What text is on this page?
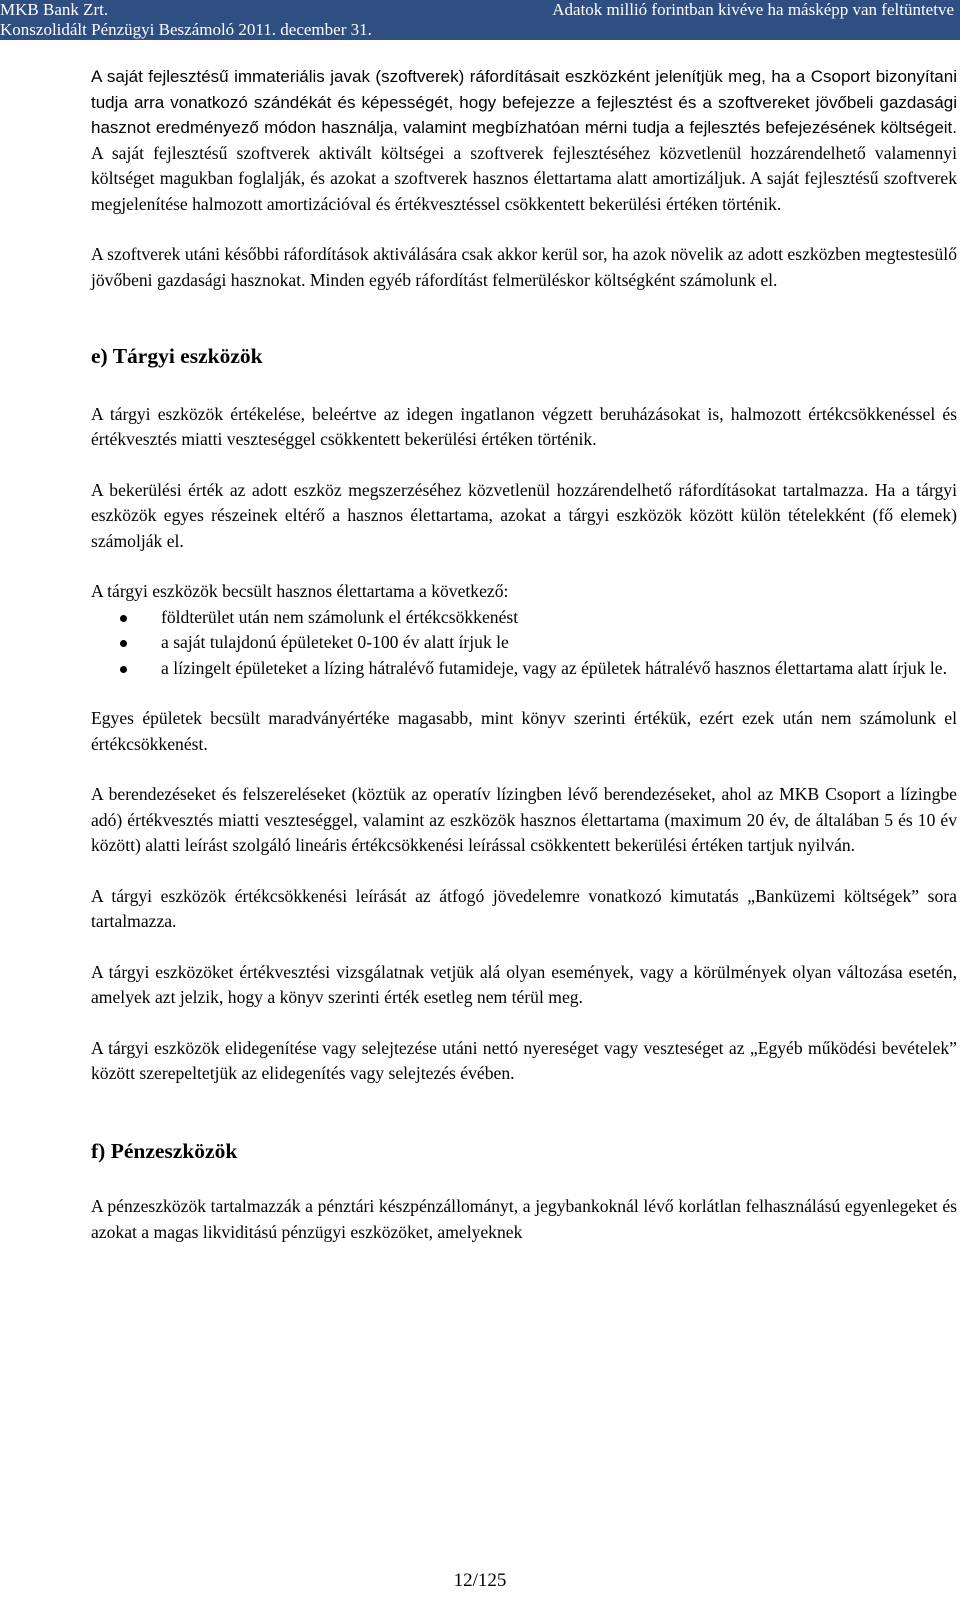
MKB Bank Zrt.
Konszolidált Pénzügyi Beszámoló 2011. december 31.
Adatok millió forintban kivéve ha másképp van feltüntetve

A saját fejlesztésű immateriális javak (szoftverek) ráfordításait eszközként jelenítjük meg, ha a Csoport bizonyítani tudja arra vonatkozó szándékát és képességét, hogy befejezze a fejlesztést és a szoftvereket jövőbeli gazdasági hasznot eredményező módon használja, valamint megbízhatóan mérni tudja a fejlesztés befejezésének költségeit. A saját fejlesztésű szoftverek aktivált költségei a szoftverek fejlesztéséhez közvetlenül hozzárendelhető valamennyi költséget magukban foglalják, és azokat a szoftverek hasznos élettartama alatt amortizáljuk. A saját fejlesztésű szoftverek megjelenítése halmozott amortizációval és értékvesztéssel csökkentett bekerülési értéken történik.

A szoftverek utáni későbbi ráfordítások aktiválására csak akkor kerül sor, ha azok növelik az adott eszközben megtestesülő jövőbeni gazdasági hasznokat. Minden egyéb ráfordítást felmerüléskor költségként számolunk el.

e) Tárgyi eszközök

A tárgyi eszközök értékelése, beleértve az idegen ingatlanon végzett beruházásokat is, halmozott értékcsökkenéssel és értékvesztés miatti veszteséggel csökkentett bekerülési értéken történik.

A bekerülési érték az adott eszköz megszerzéséhez közvetlenül hozzárendelhető ráfordításokat tartalmazza. Ha a tárgyi eszközök egyes részeinek eltérő a hasznos élettartama, azokat a tárgyi eszközök között külön tételekként (fő elemek) számolják el.

A tárgyi eszközök becsült hasznos élettartama a következő:

földterület után nem számolunk el értékcsökkenést
a saját tulajdonú épületeket 0-100 év alatt írjuk le
a lízingelt épületeket a lízing hátralévő futamideje, vagy az épületek hátralévő hasznos élettartama alatt írjuk le.

Egyes épületek becsült maradványértéke magasabb, mint könyv szerinti értékük, ezért ezek után nem számolunk el értékcsökkenést.

A berendezéseket és felszereléseket (köztük az operatív lízingben lévő berendezéseket, ahol az MKB Csoport a lízingbe adó) értékvesztés miatti veszteséggel, valamint az eszközök hasznos élettartama (maximum 20 év, de általában 5 és 10 év között) alatti leírást szolgáló lineáris értékcsökkenési leírással csökkentett bekerülési értéken tartjuk nyilván.

A tárgyi eszközök értékcsökkenési leírását az átfogó jövedelemre vonatkozó kimutatás „Banküzemi költségek” sora tartalmazza.

A tárgyi eszközöket értékvesztési vizsgálatnak vetjük alá olyan események, vagy a körülmények olyan változása esetén, amelyek azt jelzik, hogy a könyv szerinti érték esetleg nem térül meg.

A tárgyi eszközök elidegenítése vagy selejtezése utáni nettó nyereséget vagy veszteséget az „Egyéb működési bevételek” között szerepeltetjük az elidegenítés vagy selejtezés évében.

f) Pénzeszközök

A pénzeszközök tartalmazzák a pénztári készpénzállományt, a jegybankoknál lévő korlátlan felhasználású egyenlegeket és azokat a magas likviditású pénzügyi eszközöket, amelyeknek

12/125
